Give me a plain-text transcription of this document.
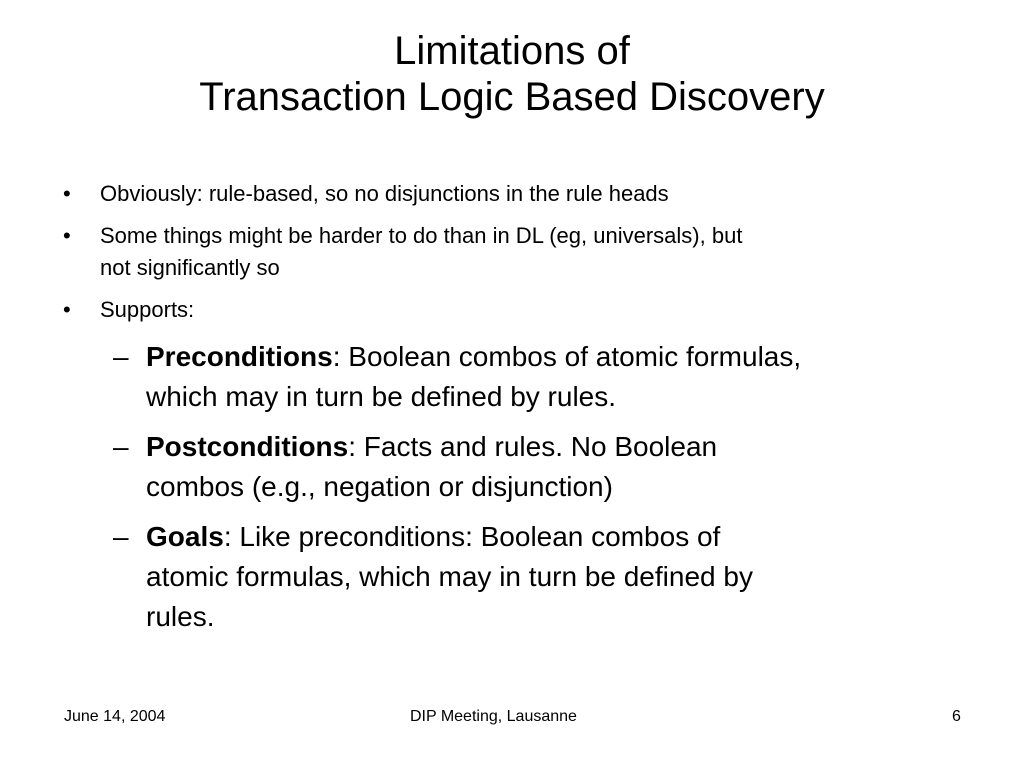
Limitations of
Transaction Logic Based Discovery
• Obviously: rule-based, so no disjunctions in the rule heads
• Some things might be harder to do than in DL (eg, universals), but
not significantly so
• Supports:
– Preconditions: Boolean combos of atomic formulas,
which may in turn be defined by rules.
– Postconditions: Facts and rules. No Boolean
combos (e.g., negation or disjunction)
– Goals: Like preconditions: Boolean combos of
atomic formulas, which may in turn be defined by
rules.
June 14, 2004	DIP Meeting, Lausanne	6
